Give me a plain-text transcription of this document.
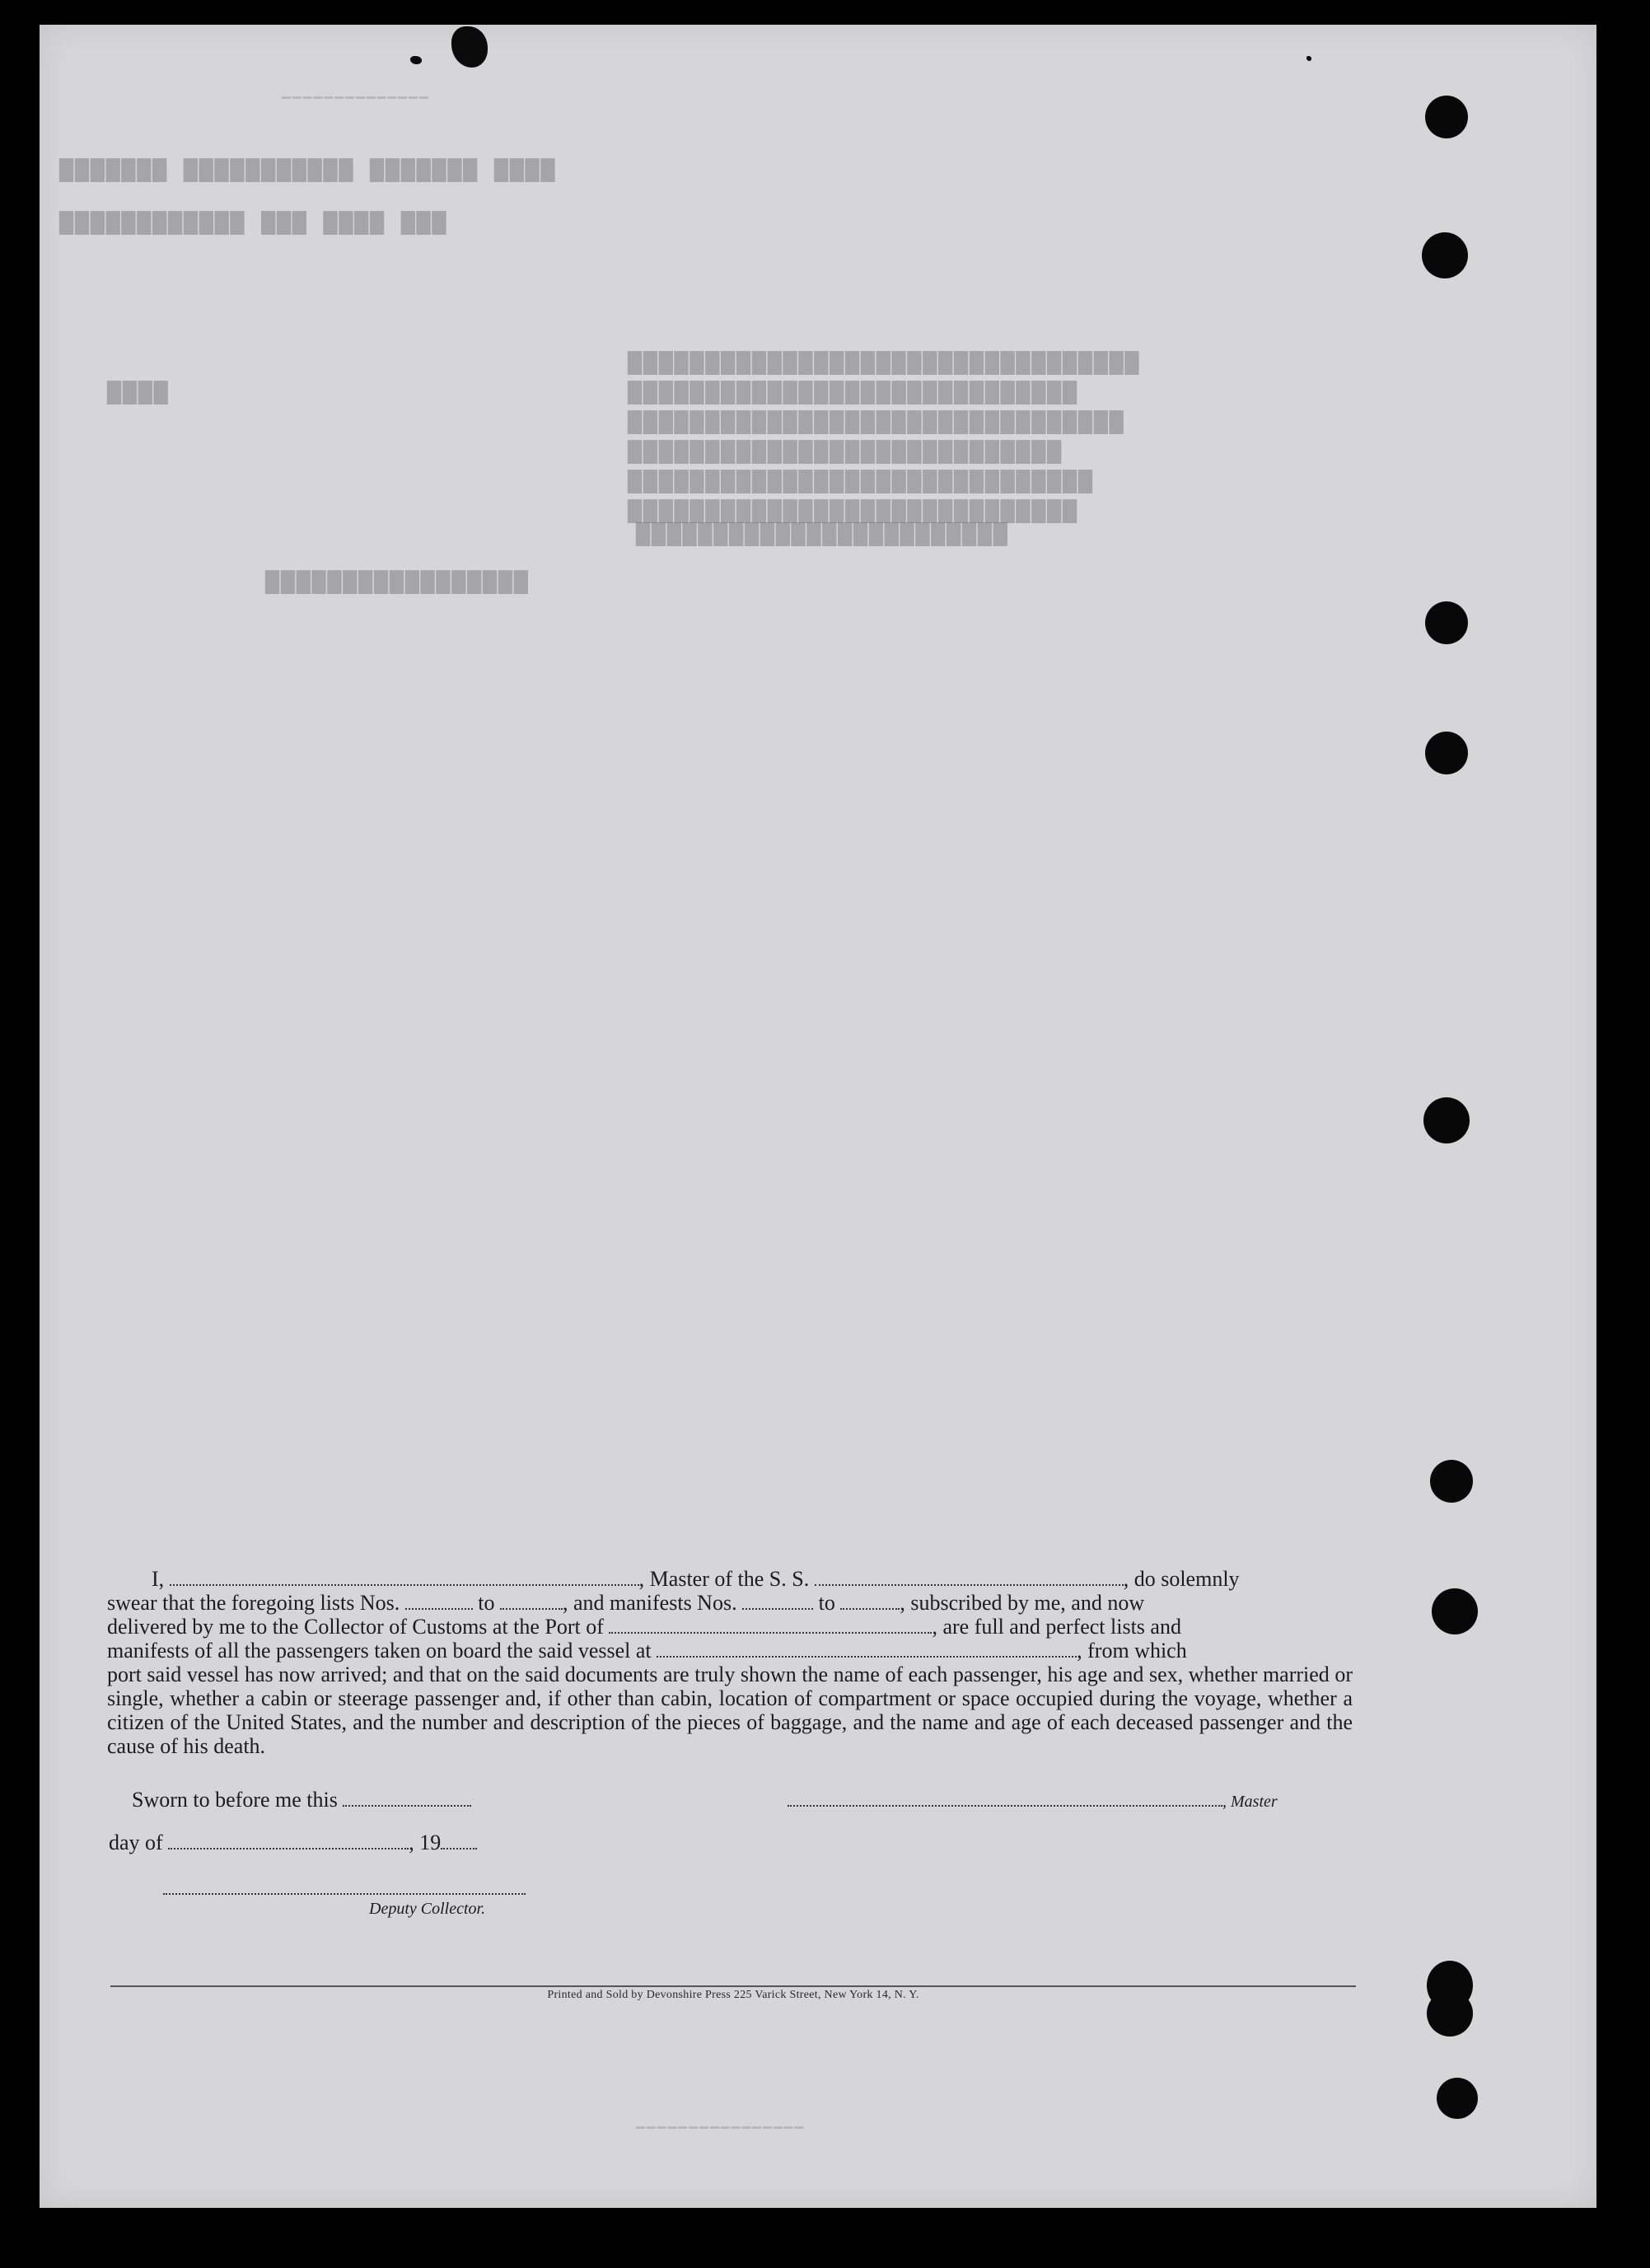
▔▔▔▔▔▔▔▔▔▔▔▔▔▔
▇▇▇▇ ▇▇▇▇▇▇▇ ▇▇▇▇▇▇▇▇▇▇▇ ▇▇▇▇▇▇▇
▇▇▇ ▇▇▇▇ ▇▇▇ ▇▇▇▇▇▇▇▇▇▇▇▇
▇▇▇▇▇▇▇▇▇▇▇▇▇▇▇▇▇▇▇▇▇▇▇▇▇▇▇▇▇▇▇▇▇
▇▇▇▇▇▇▇▇▇▇▇▇▇▇▇▇▇▇▇▇▇▇▇▇▇▇▇▇▇
▇▇▇▇▇▇▇▇▇▇▇▇▇▇▇▇▇▇▇▇▇▇▇▇▇▇▇▇▇▇▇▇
▇▇▇▇▇▇▇▇▇▇▇▇▇▇▇▇▇▇▇▇▇▇▇▇▇▇▇▇
▇▇▇▇▇▇▇▇▇▇▇▇▇▇▇▇▇▇▇▇▇▇▇▇▇▇▇▇▇▇
▇▇▇▇▇▇▇▇▇▇▇▇▇▇▇▇▇▇▇▇▇▇▇▇▇▇▇▇▇
▇▇▇▇▇▇▇▇▇▇▇▇▇▇▇▇▇▇▇▇▇▇▇▇
▇▇▇▇▇▇▇▇▇▇▇▇▇▇▇▇▇
▇▇▇▇
▔▔▔▔▔▔▔▔▔▔▔▔▔▔▔▔
I,	, Master of the S. S.	, do solemnly
swear that the foregoing lists Nos.	to	, and manifests Nos.	to	, subscribed by me, and now
delivered by me to the Collector of Customs at the Port of	, are full and perfect lists and
manifests of all the passengers taken on board the said vessel at	, from which
port said vessel has now arrived; and that on the said documents are truly shown the name of each passenger, his age and sex, whether married or single, whether a cabin or steerage passenger and, if other than cabin, location of compartment or space occupied during the voyage, whether a citizen of the United States, and the number and description of the pieces of baggage, and the name and age of each deceased passenger and the cause of his death.
Sworn to before me this	, Master
day of	, 19
Deputy Collector.
Printed and Sold by Devonshire Press 225 Varick Street, New York 14, N. Y.
